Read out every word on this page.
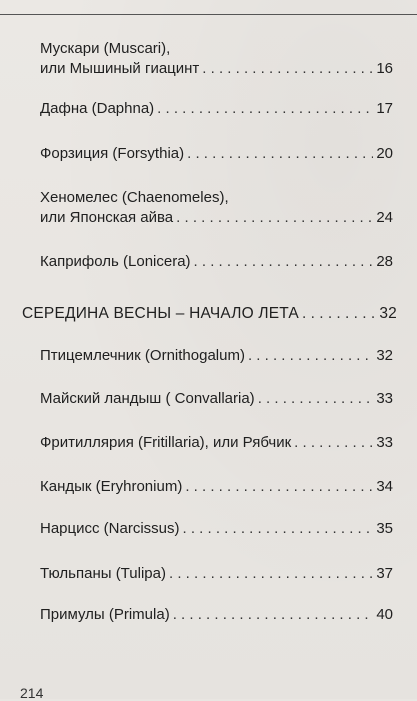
Мускари (Muscari),
или Мышиный гиацинт . . .	16
Дафна (Daphna) . . .	17
Форзиция (Forsythia) . . .	20
Хеномелес (Chaenomeles),
или Японская айва . . .	24
Каприфоль (Lonicera) . . .	28
СЕРЕДИНА ВЕСНЫ – НАЧАЛО ЛЕТА . . .	32
Птицемлечник (Ornithogalum) . . .	32
Майский ландыш ( Convallaria) . . .	33
Фритиллярия (Fritillaria), или Рябчик . . .	33
Кандык (Eryhronium) . . .	34
Нарцисс (Narcissus) . . .	35
Тюльпаны (Tulipa) . . .	37
Примулы (Primula) . . .	40
214
